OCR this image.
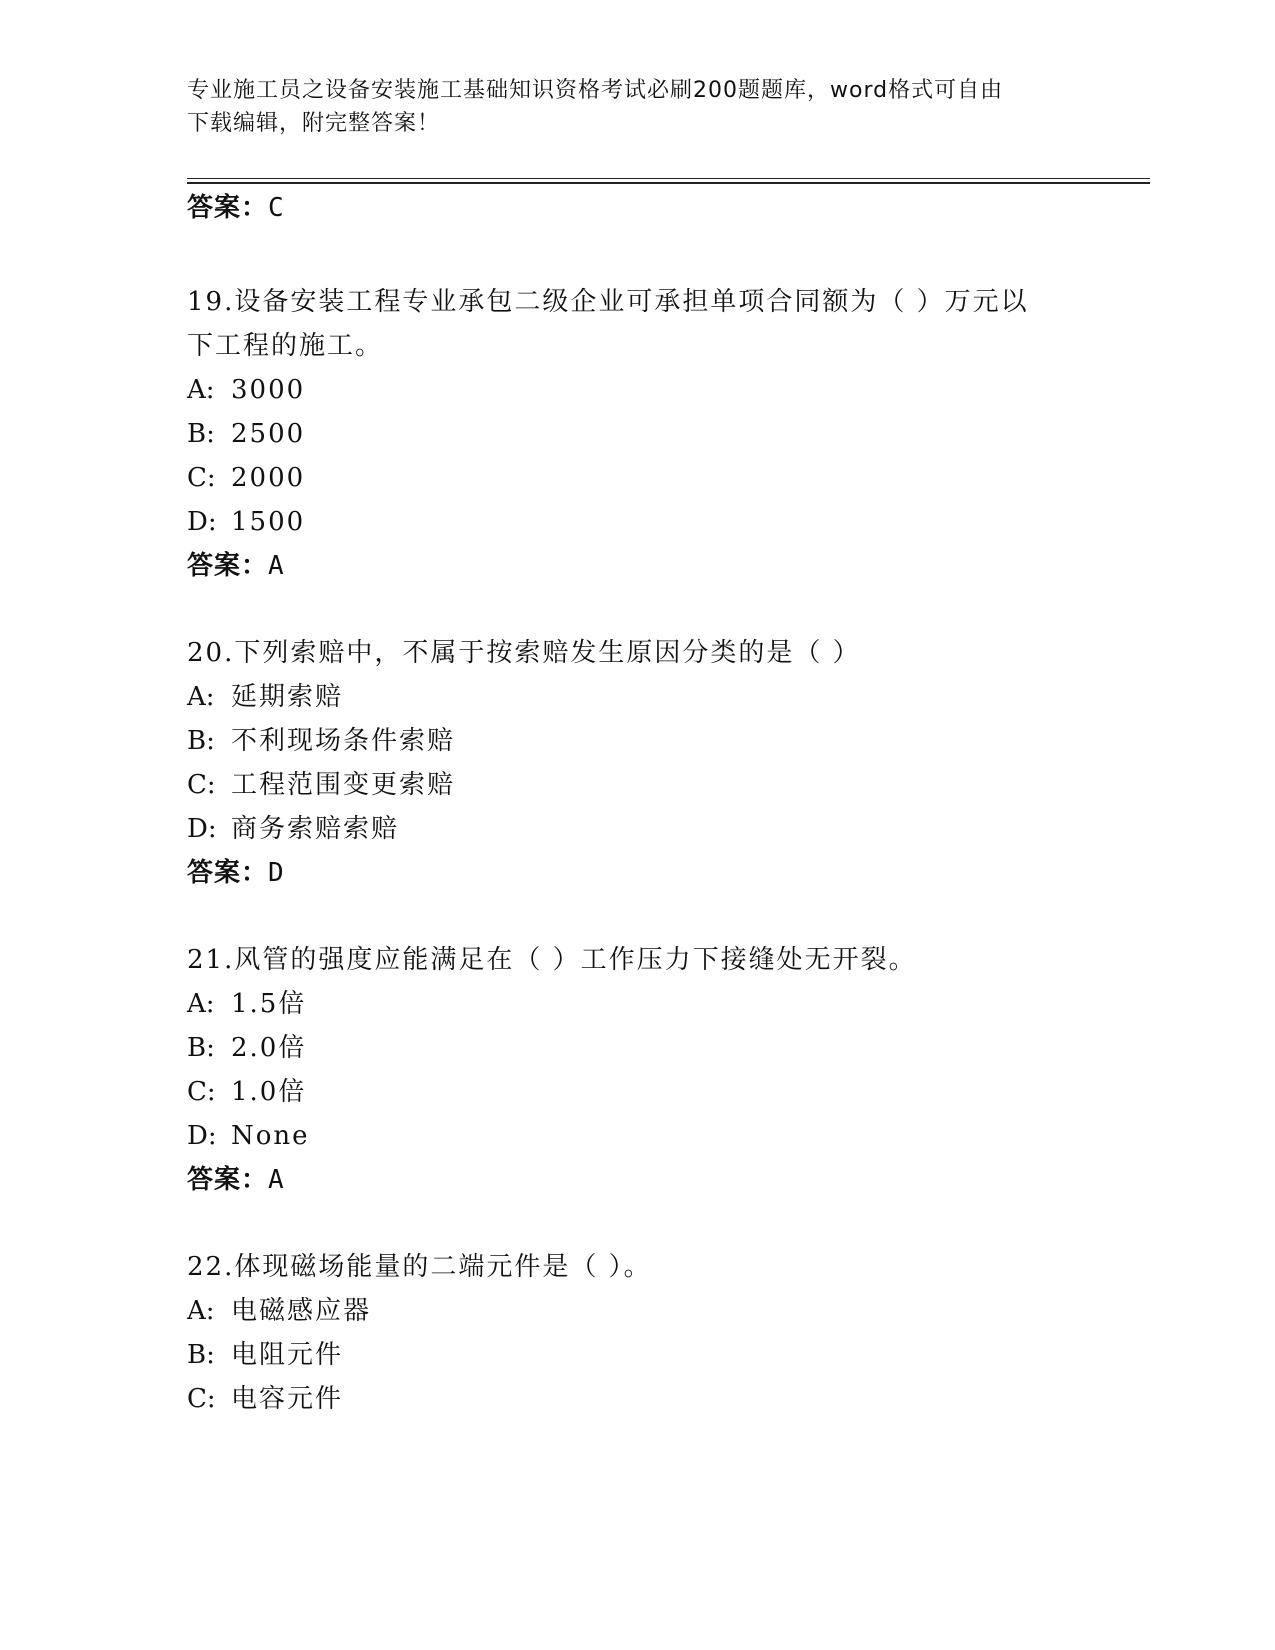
专业施工员之设备安装施工基础知识资格考试必刷200题题库，word格式可自由
下载编辑，附完整答案！
答案：C
19.设备安装工程专业承包二级企业可承担单项合同额为（ ）万元以
下工程的施工。
A: 3000
B: 2500
C: 2000
D: 1500
答案：A
20.下列索赔中，不属于按索赔发生原因分类的是（ ）
A: 延期索赔
B: 不利现场条件索赔
C: 工程范围变更索赔
D: 商务索赔索赔
答案：D
21.风管的强度应能满足在（ ）工作压力下接缝处无开裂。
A: 1.5倍
B: 2.0倍
C: 1.0倍
D: None
答案：A
22.体现磁场能量的二端元件是（ ）。
A: 电磁感应器
B: 电阻元件
C: 电容元件
